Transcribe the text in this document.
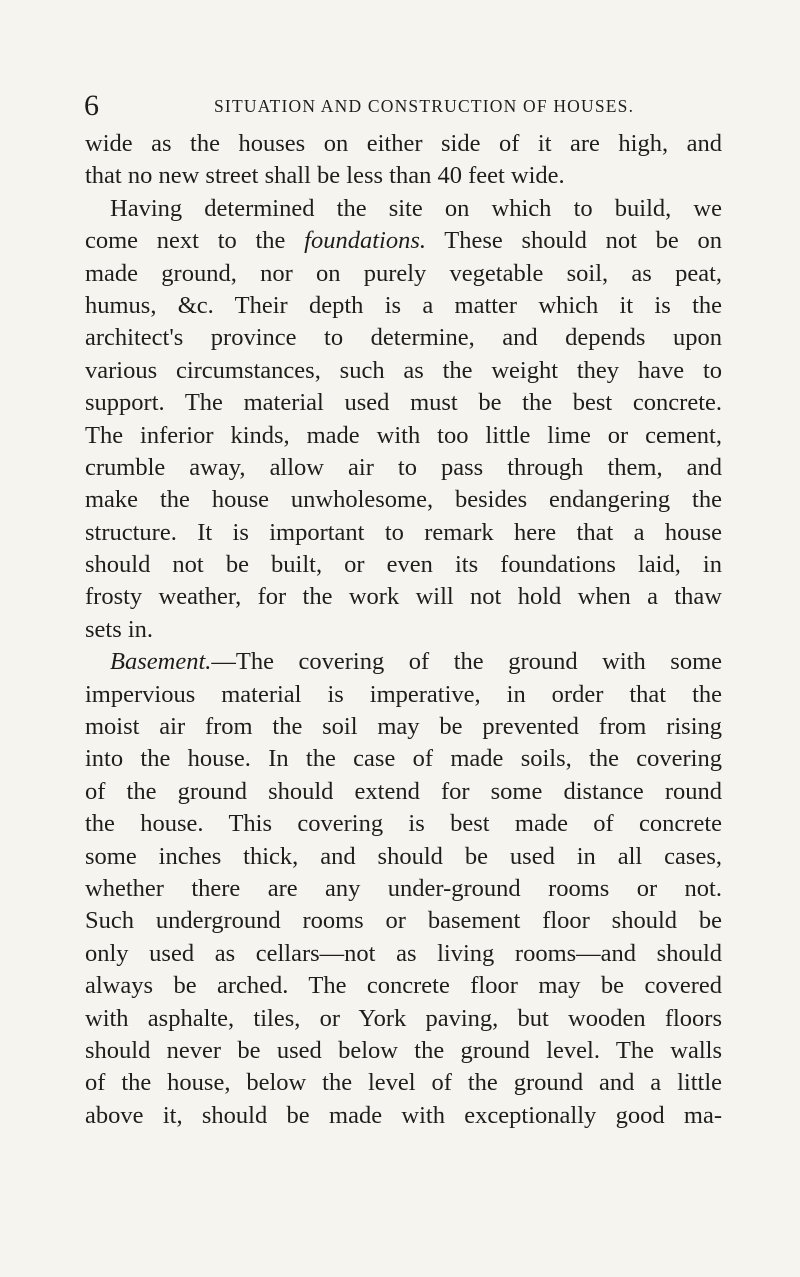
6	SITUATION AND CONSTRUCTION OF HOUSES.
wide as the houses on either side of it are high, and
that no new street shall be less than 40 feet wide.
Having determined the site on which to build, we
come next to the foundations. These should not be on
made ground, nor on purely vegetable soil, as peat,
humus, &c. Their depth is a matter which it is the
architect's province to determine, and depends upon
various circumstances, such as the weight they have to
support. The material used must be the best concrete.
The inferior kinds, made with too little lime or cement,
crumble away, allow air to pass through them, and
make the house unwholesome, besides endangering the
structure. It is important to remark here that a house
should not be built, or even its foundations laid, in
frosty weather, for the work will not hold when a thaw
sets in.
Basement.—The covering of the ground with some
impervious material is imperative, in order that the
moist air from the soil may be prevented from rising
into the house. In the case of made soils, the covering
of the ground should extend for some distance round
the house. This covering is best made of concrete
some inches thick, and should be used in all cases,
whether there are any under-ground rooms or not.
Such underground rooms or basement floor should be
only used as cellars—not as living rooms—and should
always be arched. The concrete floor may be covered
with asphalte, tiles, or York paving, but wooden floors
should never be used below the ground level. The walls
of the house, below the level of the ground and a little
above it, should be made with exceptionally good ma-
